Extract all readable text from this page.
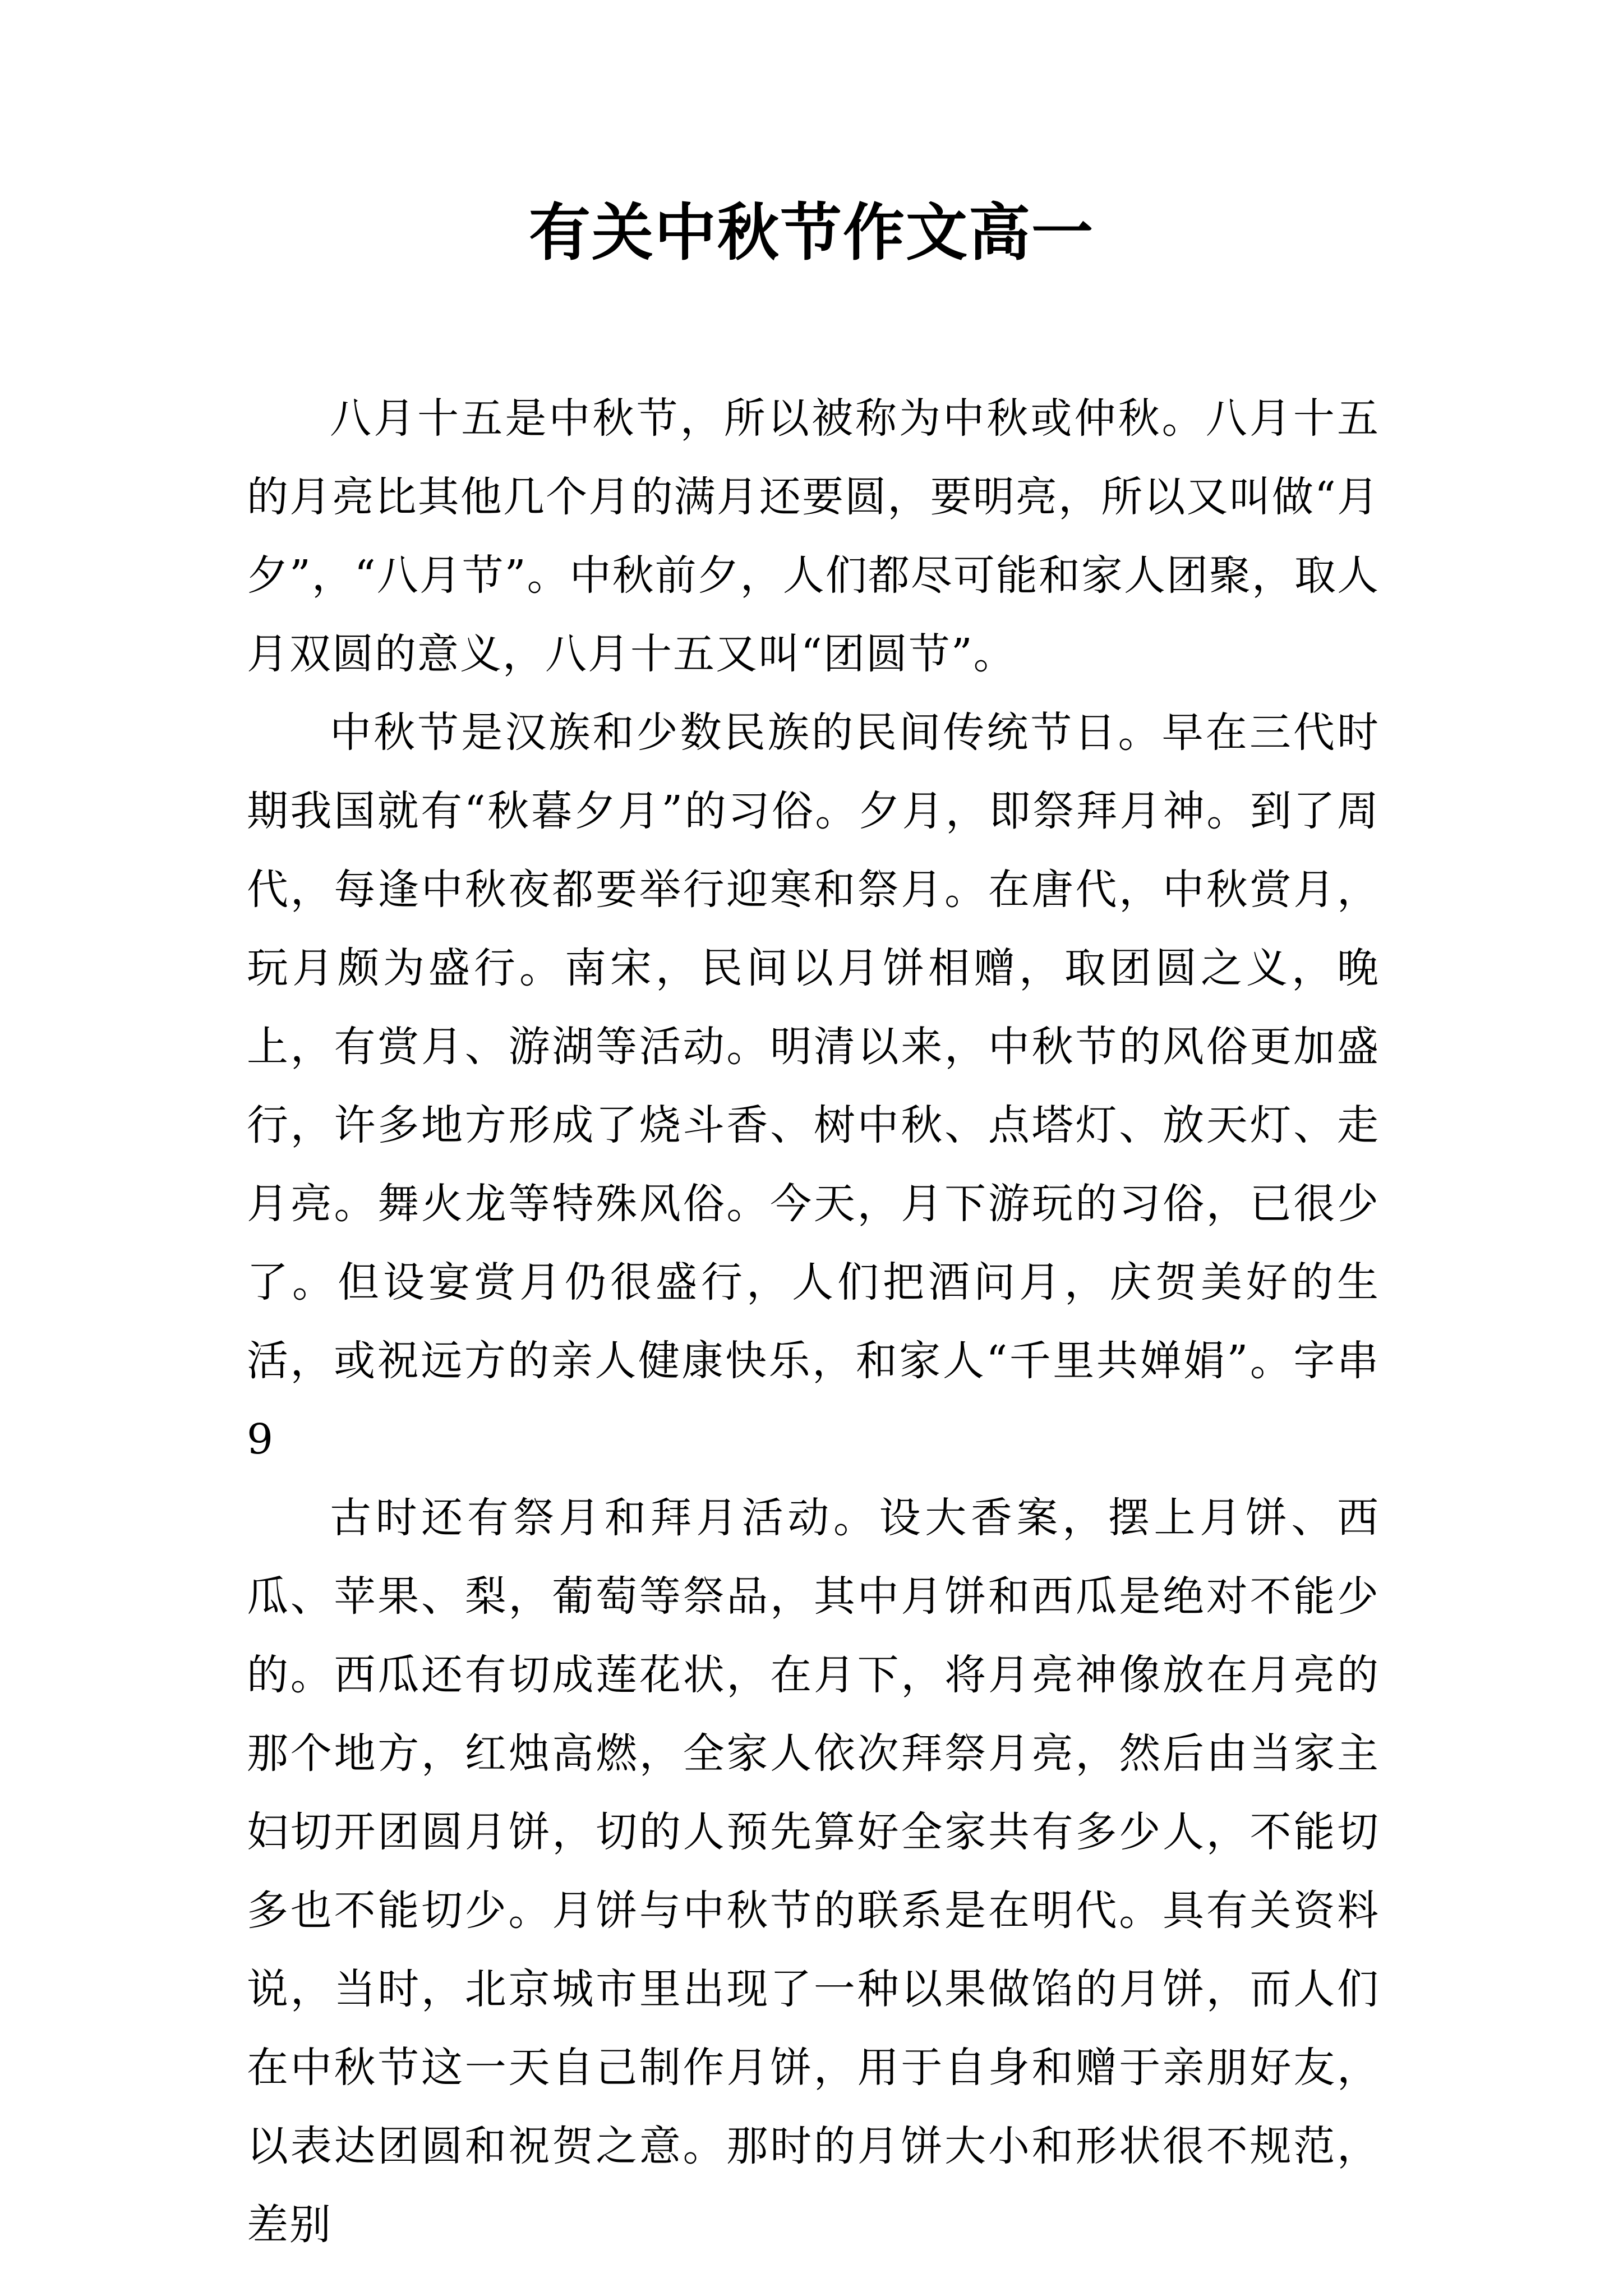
有关中秋节作文高一

八月十五是中秋节，所以被称为中秋或仲秋。八月十五的月亮比其他几个月的满月还要圆，要明亮，所以又叫做“月夕”，“八月节”。中秋前夕，人们都尽可能和家人团聚，取人月双圆的意义，八月十五又叫“团圆节”。

中秋节是汉族和少数民族的民间传统节日。早在三代时期我国就有“秋暮夕月”的习俗。夕月，即祭拜月神。到了周代，每逢中秋夜都要举行迎寒和祭月。在唐代，中秋赏月，玩月颇为盛行。南宋，民间以月饼相赠，取团圆之义，晚上，有赏月、游湖等活动。明清以来，中秋节的风俗更加盛行，许多地方形成了烧斗香、树中秋、点塔灯、放天灯、走月亮。舞火龙等特殊风俗。今天，月下游玩的习俗，已很少了。但设宴赏月仍很盛行，人们把酒问月，庆贺美好的生活，或祝远方的亲人健康快乐，和家人“千里共婵娟”。字串9

古时还有祭月和拜月活动。设大香案，摆上月饼、西瓜、苹果、梨，葡萄等祭品，其中月饼和西瓜是绝对不能少的。西瓜还有切成莲花状，在月下，将月亮神像放在月亮的那个地方，红烛高燃，全家人依次拜祭月亮，然后由当家主妇切开团圆月饼，切的人预先算好全家共有多少人，不能切多也不能切少。月饼与中秋节的联系是在明代。具有关资料说，当时，北京城市里出现了一种以果做馅的月饼，而人们在中秋节这一天自己制作月饼，用于自身和赠于亲朋好友，以表达团圆和祝贺之意。那时的月饼大小和形状很不规范，差别
